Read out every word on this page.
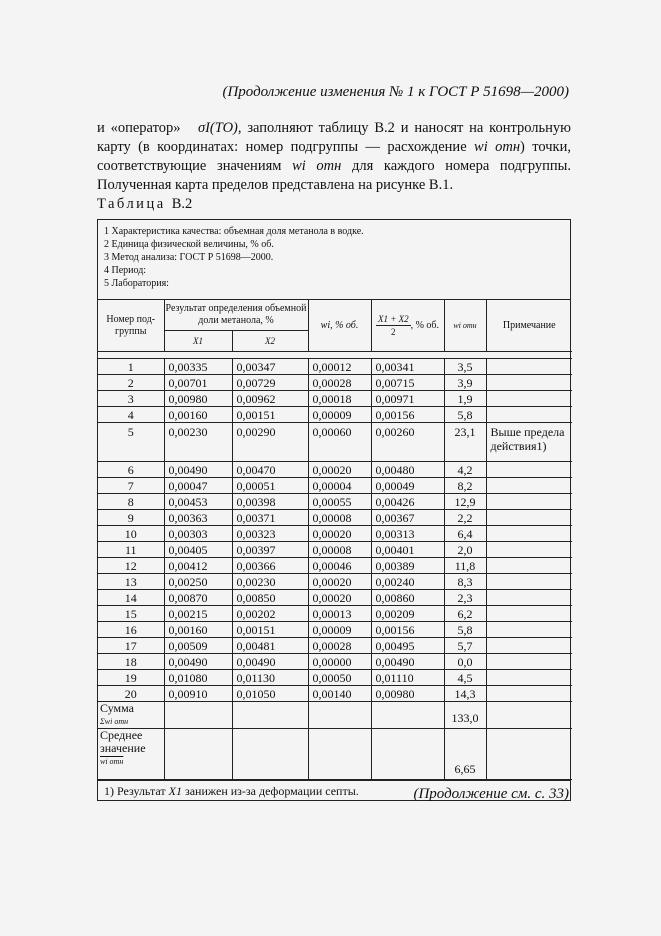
(Продолжение изменения № 1 к ГОСТ Р 51698—2000)
и «оператор» σI(TO), заполняют таблицу В.2 и наносят на контрольную карту (в координатах: номер подгруппы — расхождение wi отн) точки, соответствующие значениям wi отн для каждого номера подгруппы. Полученная карта пределов представлена на рисунке В.1.
Таблица В.2
1 Характеристика качества: объемная доля метанола в водке.
2 Единица физической величины, % об.
3 Метод анализа: ГОСТ Р 51698—2000.
4 Период:
5 Лаборатория:
Номер под-группы	Результат определения объемной доли метанола, %		wi, % об.	$\frac{X1 + X2}{2}$ , % об.	wi отн	Примечание
	X1	X2				

1	0,00335	0,00347	0,00012	0,00341	3,5	
2	0,00701	0,00729	0,00028	0,00715	3,9	
3	0,00980	0,00962	0,00018	0,00971	1,9	
4	0,00160	0,00151	0,00009	0,00156	5,8	
5	0,00230	0,00290	0,00060	0,00260	23,1	Выше предела действия1)
6	0,00490	0,00470	0,00020	0,00480	4,2	
7	0,00047	0,00051	0,00004	0,00049	8,2	
8	0,00453	0,00398	0,00055	0,00426	12,9	
9	0,00363	0,00371	0,00008	0,00367	2,2	
10	0,00303	0,00323	0,00020	0,00313	6,4	
11	0,00405	0,00397	0,00008	0,00401	2,0	
12	0,00412	0,00366	0,00046	0,00389	11,8	
13	0,00250	0,00230	0,00020	0,00240	8,3	
14	0,00870	0,00850	0,00020	0,00860	2,3	
15	0,00215	0,00202	0,00013	0,00209	6,2	
16	0,00160	0,00151	0,00009	0,00156	5,8	
17	0,00509	0,00481	0,00028	0,00495	5,7	
18	0,00490	0,00490	0,00000	0,00490	0,0	
19	0,01080	0,01130	0,00050	0,01110	4,5	
20	0,00910	0,01050	0,00140	0,00980	14,3	

Сумма
Σwi отн					133,0	

Среднее значение
wi отн					6,65	
1) Результат X1 занижен из-за деформации септы.	(Продолжение см. с. 33)
